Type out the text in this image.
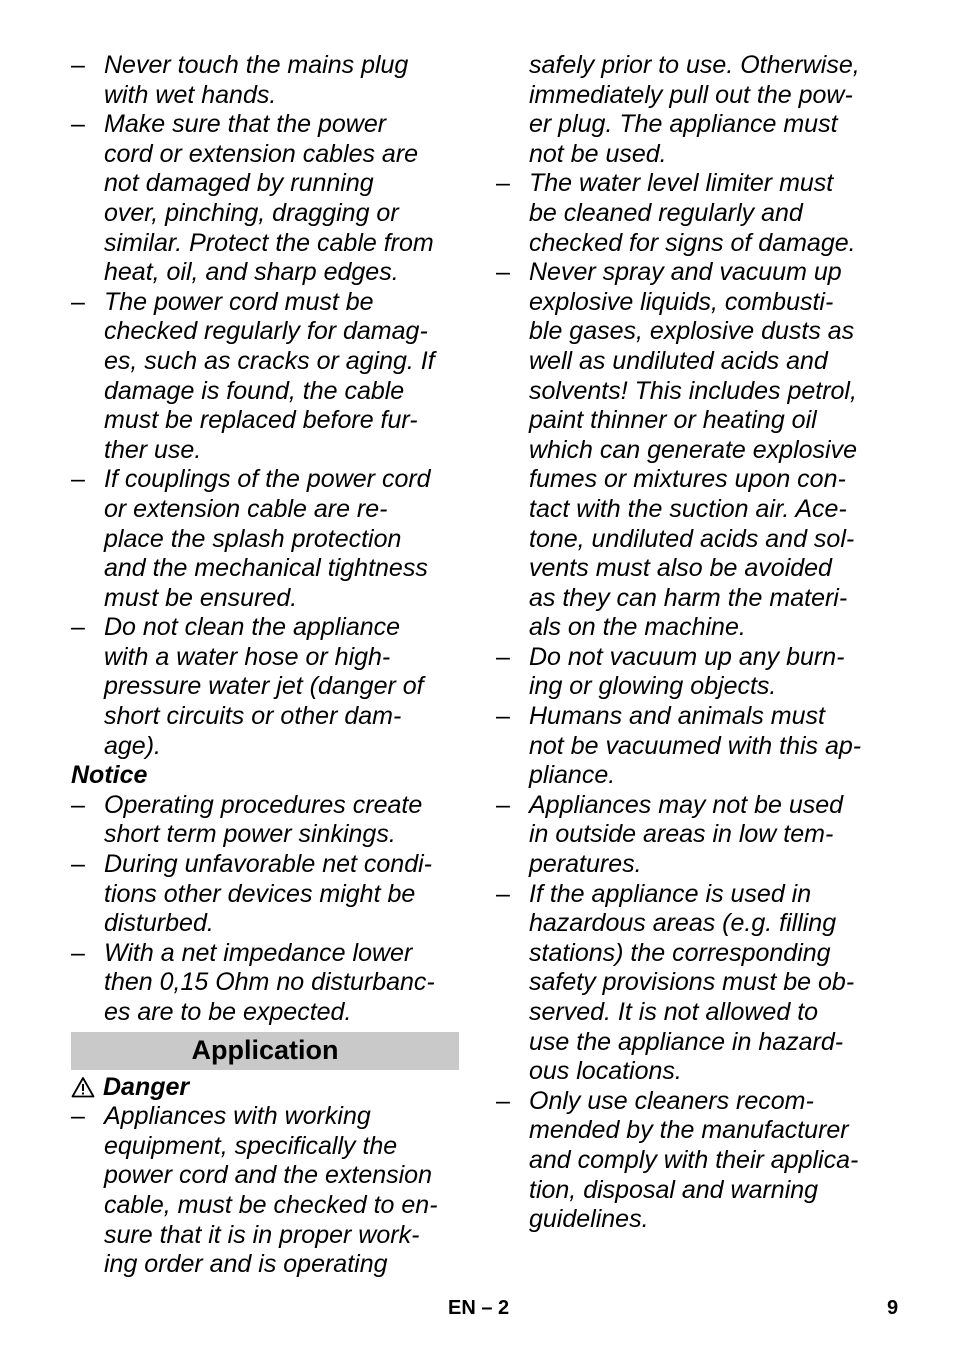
– Never touch the mains plug
with wet hands.
– Make sure that the power
cord or extension cables are
not damaged by running
over, pinching, dragging or
similar. Protect the cable from
heat, oil, and sharp edges.
– The power cord must be
checked regularly for damag-
es, such as cracks or aging. If
damage is found, the cable
must be replaced before fur-
ther use.
– If couplings of the power cord
or extension cable are re-
place the splash protection
and the mechanical tightness
must be ensured.
– Do not clean the appliance
with a water hose or high-
pressure water jet (danger of
short circuits or other dam-
age).
Notice
– Operating procedures create
short term power sinkings.
– During unfavorable net condi-
tions other devices might be
disturbed.
– With a net impedance lower
then 0,15 Ohm no disturbanc-
es are to be expected.
Application
Danger
– Appliances with working
equipment, specifically the
power cord and the extension
cable, must be checked to en-
sure that it is in proper work-
ing order and is operating
safely prior to use. Otherwise,
immediately pull out the pow-
er plug. The appliance must
not be used.
– The water level limiter must
be cleaned regularly and
checked for signs of damage.
– Never spray and vacuum up
explosive liquids, combusti-
ble gases, explosive dusts as
well as undiluted acids and
solvents! This includes petrol,
paint thinner or heating oil
which can generate explosive
fumes or mixtures upon con-
tact with the suction air. Ace-
tone, undiluted acids and sol-
vents must also be avoided
as they can harm the materi-
als on the machine.
– Do not vacuum up any burn-
ing or glowing objects.
– Humans and animals must
not be vacuumed with this ap-
pliance.
– Appliances may not be used
in outside areas in low tem-
peratures.
– If the appliance is used in
hazardous areas (e.g. filling
stations) the corresponding
safety provisions must be ob-
served. It is not allowed to
use the appliance in hazard-
ous locations.
– Only use cleaners recom-
mended by the manufacturer
and comply with their applica-
tion, disposal and warning
guidelines.
EN – 2	9
